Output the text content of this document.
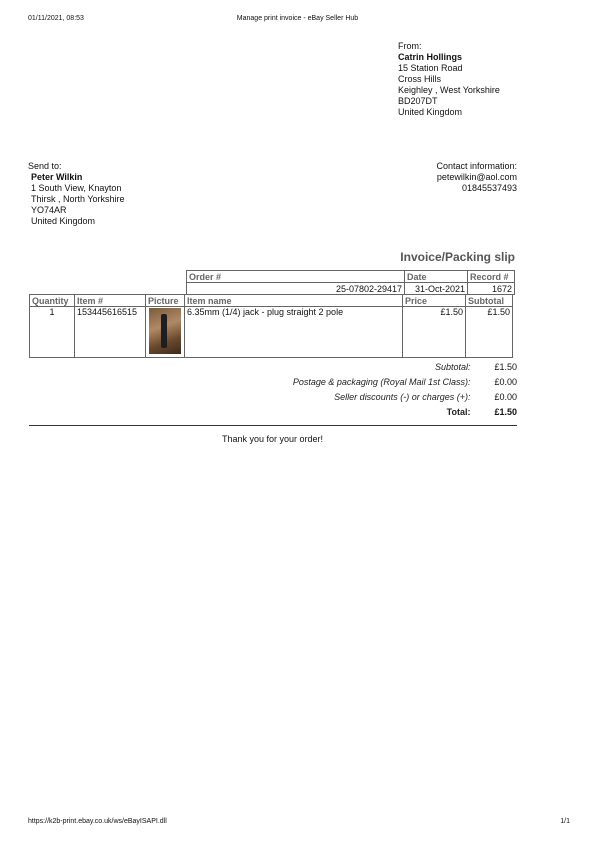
01/11/2021, 08:53	Manage print invoice - eBay Seller Hub
https://k2b-print.ebay.co.uk/ws/eBayISAPI.dll	1/1
From:
Catrin Hollings
15 Station Road
Cross Hills
Keighley , West Yorkshire
BD207DT
United Kingdom
Send to:
Peter Wilkin
1 South View, Knayton
Thirsk , North Yorkshire
YO74AR
United Kingdom
Contact information:
petewilkin@aol.com
01845537493
Invoice/Packing slip
Order #	Date	Record #
25-07802-29417	31-Oct-2021	1672
Quantity	Item #	Picture	Item name	Price	Subtotal
1	153445616515		6.35mm (1/4) jack - plug straight 2 pole	£1.50	£1.50
Subtotal:	£1.50
Postage & packaging (Royal Mail 1st Class):	£0.00
Seller discounts (-) or charges (+):	£0.00
Total:	£1.50
Thank you for your order!
